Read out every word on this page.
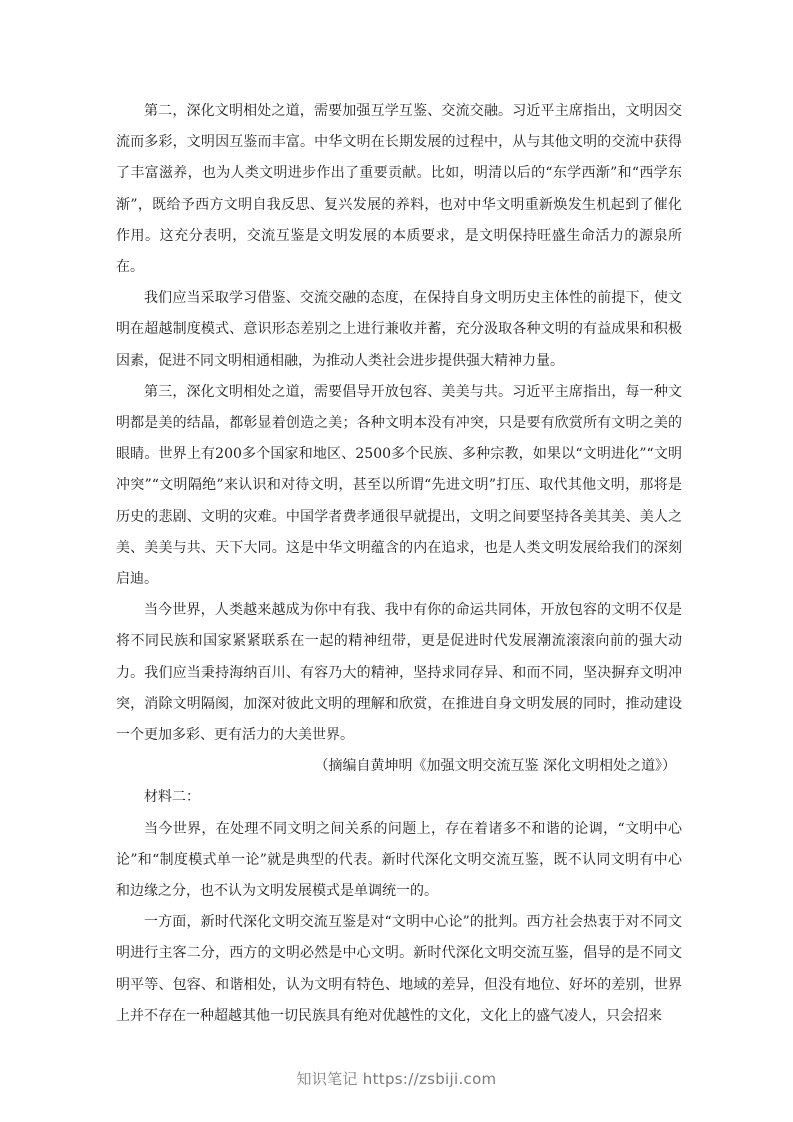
第二，深化文明相处之道，需要加强互学互鉴、交流交融。习近平主席指出，文明因交流而多彩，文明因互鉴而丰富。中华文明在长期发展的过程中，从与其他文明的交流中获得了丰富滋养，也为人类文明进步作出了重要贡献。比如，明清以后的“东学西渐”和“西学东渐”，既给予西方文明自我反思、复兴发展的养料，也对中华文明重新焕发生机起到了催化作用。这充分表明，交流互鉴是文明发展的本质要求，是文明保持旺盛生命活力的源泉所在。

我们应当采取学习借鉴、交流交融的态度，在保持自身文明历史主体性的前提下，使文明在超越制度模式、意识形态差别之上进行兼收并蓄，充分汲取各种文明的有益成果和积极因素，促进不同文明相通相融，为推动人类社会进步提供强大精神力量。

第三，深化文明相处之道，需要倡导开放包容、美美与共。习近平主席指出，每一种文明都是美的结晶，都彰显着创造之美；各种文明本没有冲突，只是要有欣赏所有文明之美的眼睛。世界上有200多个国家和地区、2500多个民族、多种宗教，如果以“文明进化”“文明冲突”“文明隔绝”来认识和对待文明，甚至以所谓“先进文明”打压、取代其他文明，那将是历史的悲剧、文明的灾难。中国学者费孝通很早就提出，文明之间要坚持各美其美、美人之美、美美与共、天下大同。这是中华文明蕴含的内在追求，也是人类文明发展给我们的深刻启迪。

当今世界，人类越来越成为你中有我、我中有你的命运共同体，开放包容的文明不仅是将不同民族和国家紧紧联系在一起的精神纽带，更是促进时代发展潮流滚滚向前的强大动力。我们应当秉持海纳百川、有容乃大的精神，坚持求同存异、和而不同，坚决摒弃文明冲突，消除文明隔阂，加深对彼此文明的理解和欣赏，在推进自身文明发展的同时，推动建设一个更加多彩、更有活力的大美世界。

（摘编自黄坤明《加强文明交流互鉴 深化文明相处之道》）

材料二：

当今世界，在处理不同文明之间关系的问题上，存在着诸多不和谐的论调，“文明中心论”和“制度模式单一论”就是典型的代表。新时代深化文明交流互鉴，既不认同文明有中心和边缘之分，也不认为文明发展模式是单调统一的。

一方面，新时代深化文明交流互鉴是对“文明中心论”的批判。西方社会热衷于对不同文明进行主客二分，西方的文明必然是中心文明。新时代深化文明交流互鉴，倡导的是不同文明平等、包容、和谐相处，认为文明有特色、地域的差异，但没有地位、好坏的差别，世界上并不存在一种超越其他一切民族具有绝对优越性的文化，文化上的盛气凌人，只会招来

知识笔记 https://zsbiji.com
